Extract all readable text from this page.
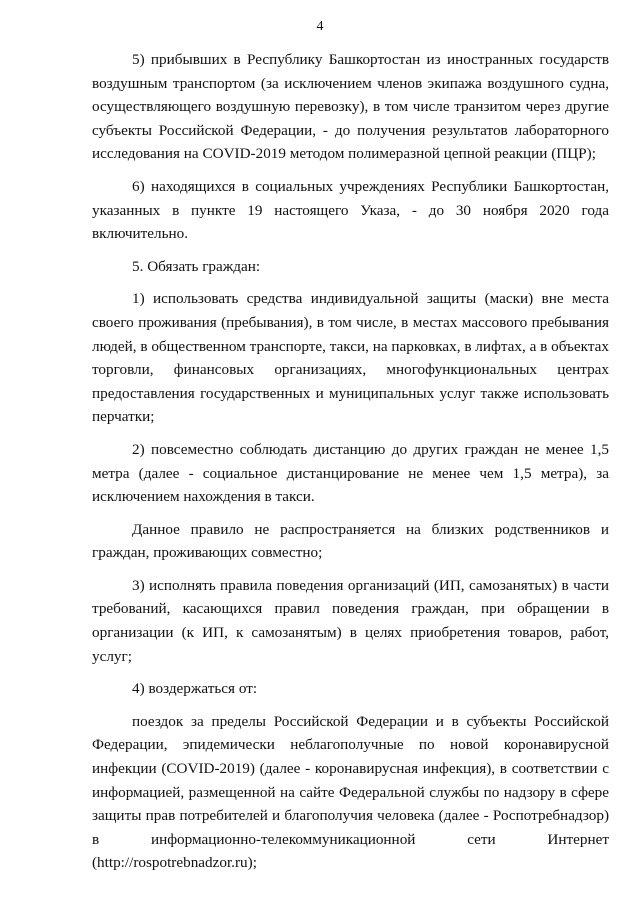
4

5) прибывших в Республику Башкортостан из иностранных государств воздушным транспортом (за исключением членов экипажа воздушного судна, осуществляющего воздушную перевозку), в том числе транзитом через другие субъекты Российской Федерации, - до получения результатов лабораторного исследования на COVID-2019 методом полимеразной цепной реакции (ПЦР);

6) находящихся в социальных учреждениях Республики Башкортостан, указанных в пункте 19 настоящего Указа, - до 30 ноября 2020 года включительно.

5. Обязать граждан:

1) использовать средства индивидуальной защиты (маски) вне места своего проживания (пребывания), в том числе, в местах массового пребывания людей, в общественном транспорте, такси, на парковках, в лифтах, а в объектах торговли, финансовых организациях, многофункциональных центрах предоставления государственных и муниципальных услуг также использовать перчатки;

2) повсеместно соблюдать дистанцию до других граждан не менее 1,5 метра (далее - социальное дистанцирование не менее чем 1,5 метра), за исключением нахождения в такси.

Данное правило не распространяется на близких родственников и граждан, проживающих совместно;

3) исполнять правила поведения организаций (ИП, самозанятых) в части требований, касающихся правил поведения граждан, при обращении в организации (к ИП, к самозанятым) в целях приобретения товаров, работ, услуг;

4) воздержаться от:

поездок за пределы Российской Федерации и в субъекты Российской Федерации, эпидемически неблагополучные по новой коронавирусной инфекции (COVID-2019) (далее - коронавирусная инфекция), в соответствии с информацией, размещенной на сайте Федеральной службы по надзору в сфере защиты прав потребителей и благополучия человека (далее - Роспотребнадзор) в информационно-телекоммуникационной сети Интернет (http://rospotrebnadzor.ru);
